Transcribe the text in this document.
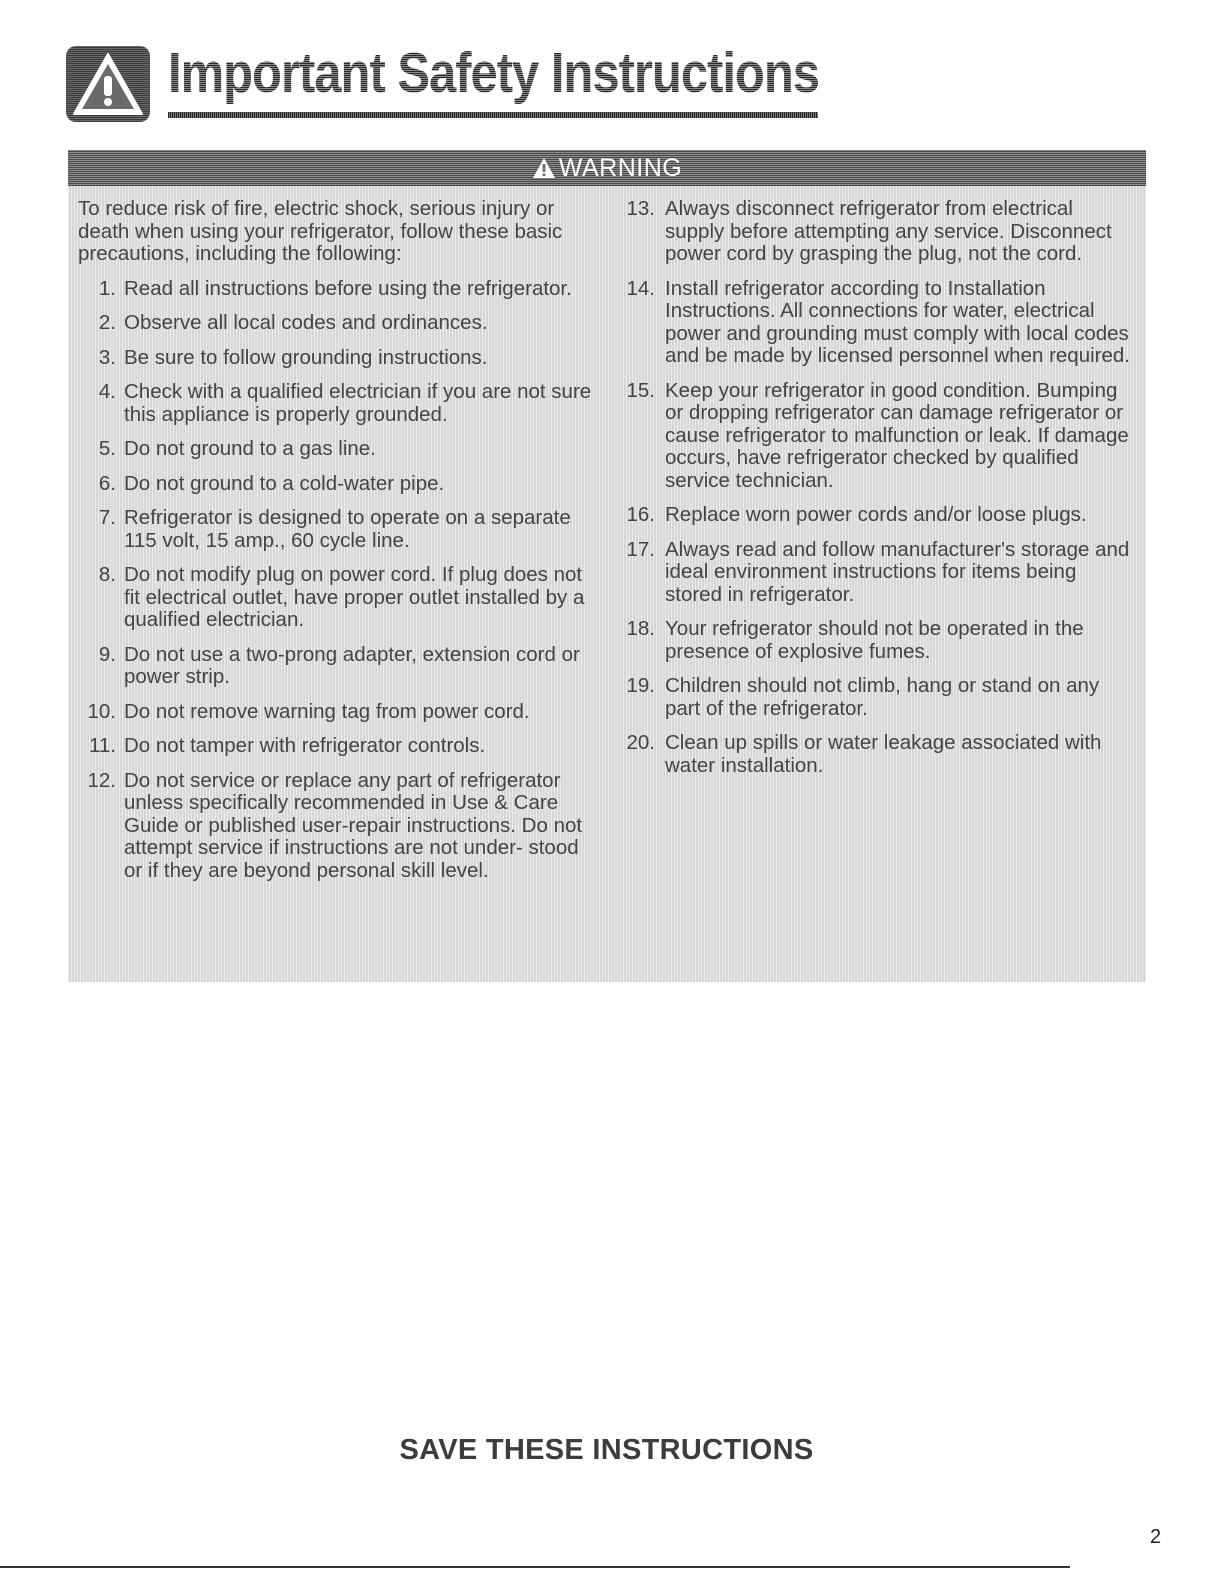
Important Safety Instructions
WARNING

To reduce risk of fire, electric shock, serious injury or death when using your refrigerator, follow these basic precautions, including the following:

1. Read all instructions before using the refrigerator.
2. Observe all local codes and ordinances.
3. Be sure to follow grounding instructions.
4. Check with a qualified electrician if you are not sure this appliance is properly grounded.
5. Do not ground to a gas line.
6. Do not ground to a cold-water pipe.
7. Refrigerator is designed to operate on a separate 115 volt, 15 amp., 60 cycle line.
8. Do not modify plug on power cord. If plug does not fit electrical outlet, have proper outlet installed by a qualified electrician.
9. Do not use a two-prong adapter, extension cord or power strip.
10. Do not remove warning tag from power cord.
11. Do not tamper with refrigerator controls.
12. Do not service or replace any part of refrigerator unless specifically recommended in Use & Care Guide or published user-repair instructions. Do not attempt service if instructions are not under- stood or if they are beyond personal skill level.
13. Always disconnect refrigerator from electrical supply before attempting any service. Disconnect power cord by grasping the plug, not the cord.
14. Install refrigerator according to Installation Instructions. All connections for water, electrical power and grounding must comply with local codes and be made by licensed personnel when required.
15. Keep your refrigerator in good condition. Bumping or dropping refrigerator can damage refrigerator or cause refrigerator to malfunction or leak. If damage occurs, have refrigerator checked by qualified service technician.
16. Replace worn power cords and/or loose plugs.
17. Always read and follow manufacturer's storage and ideal environment instructions for items being stored in refrigerator.
18. Your refrigerator should not be operated in the presence of explosive fumes.
19. Children should not climb, hang or stand on any part of the refrigerator.
20. Clean up spills or water leakage associated with water installation.
SAVE THESE INSTRUCTIONS
2
